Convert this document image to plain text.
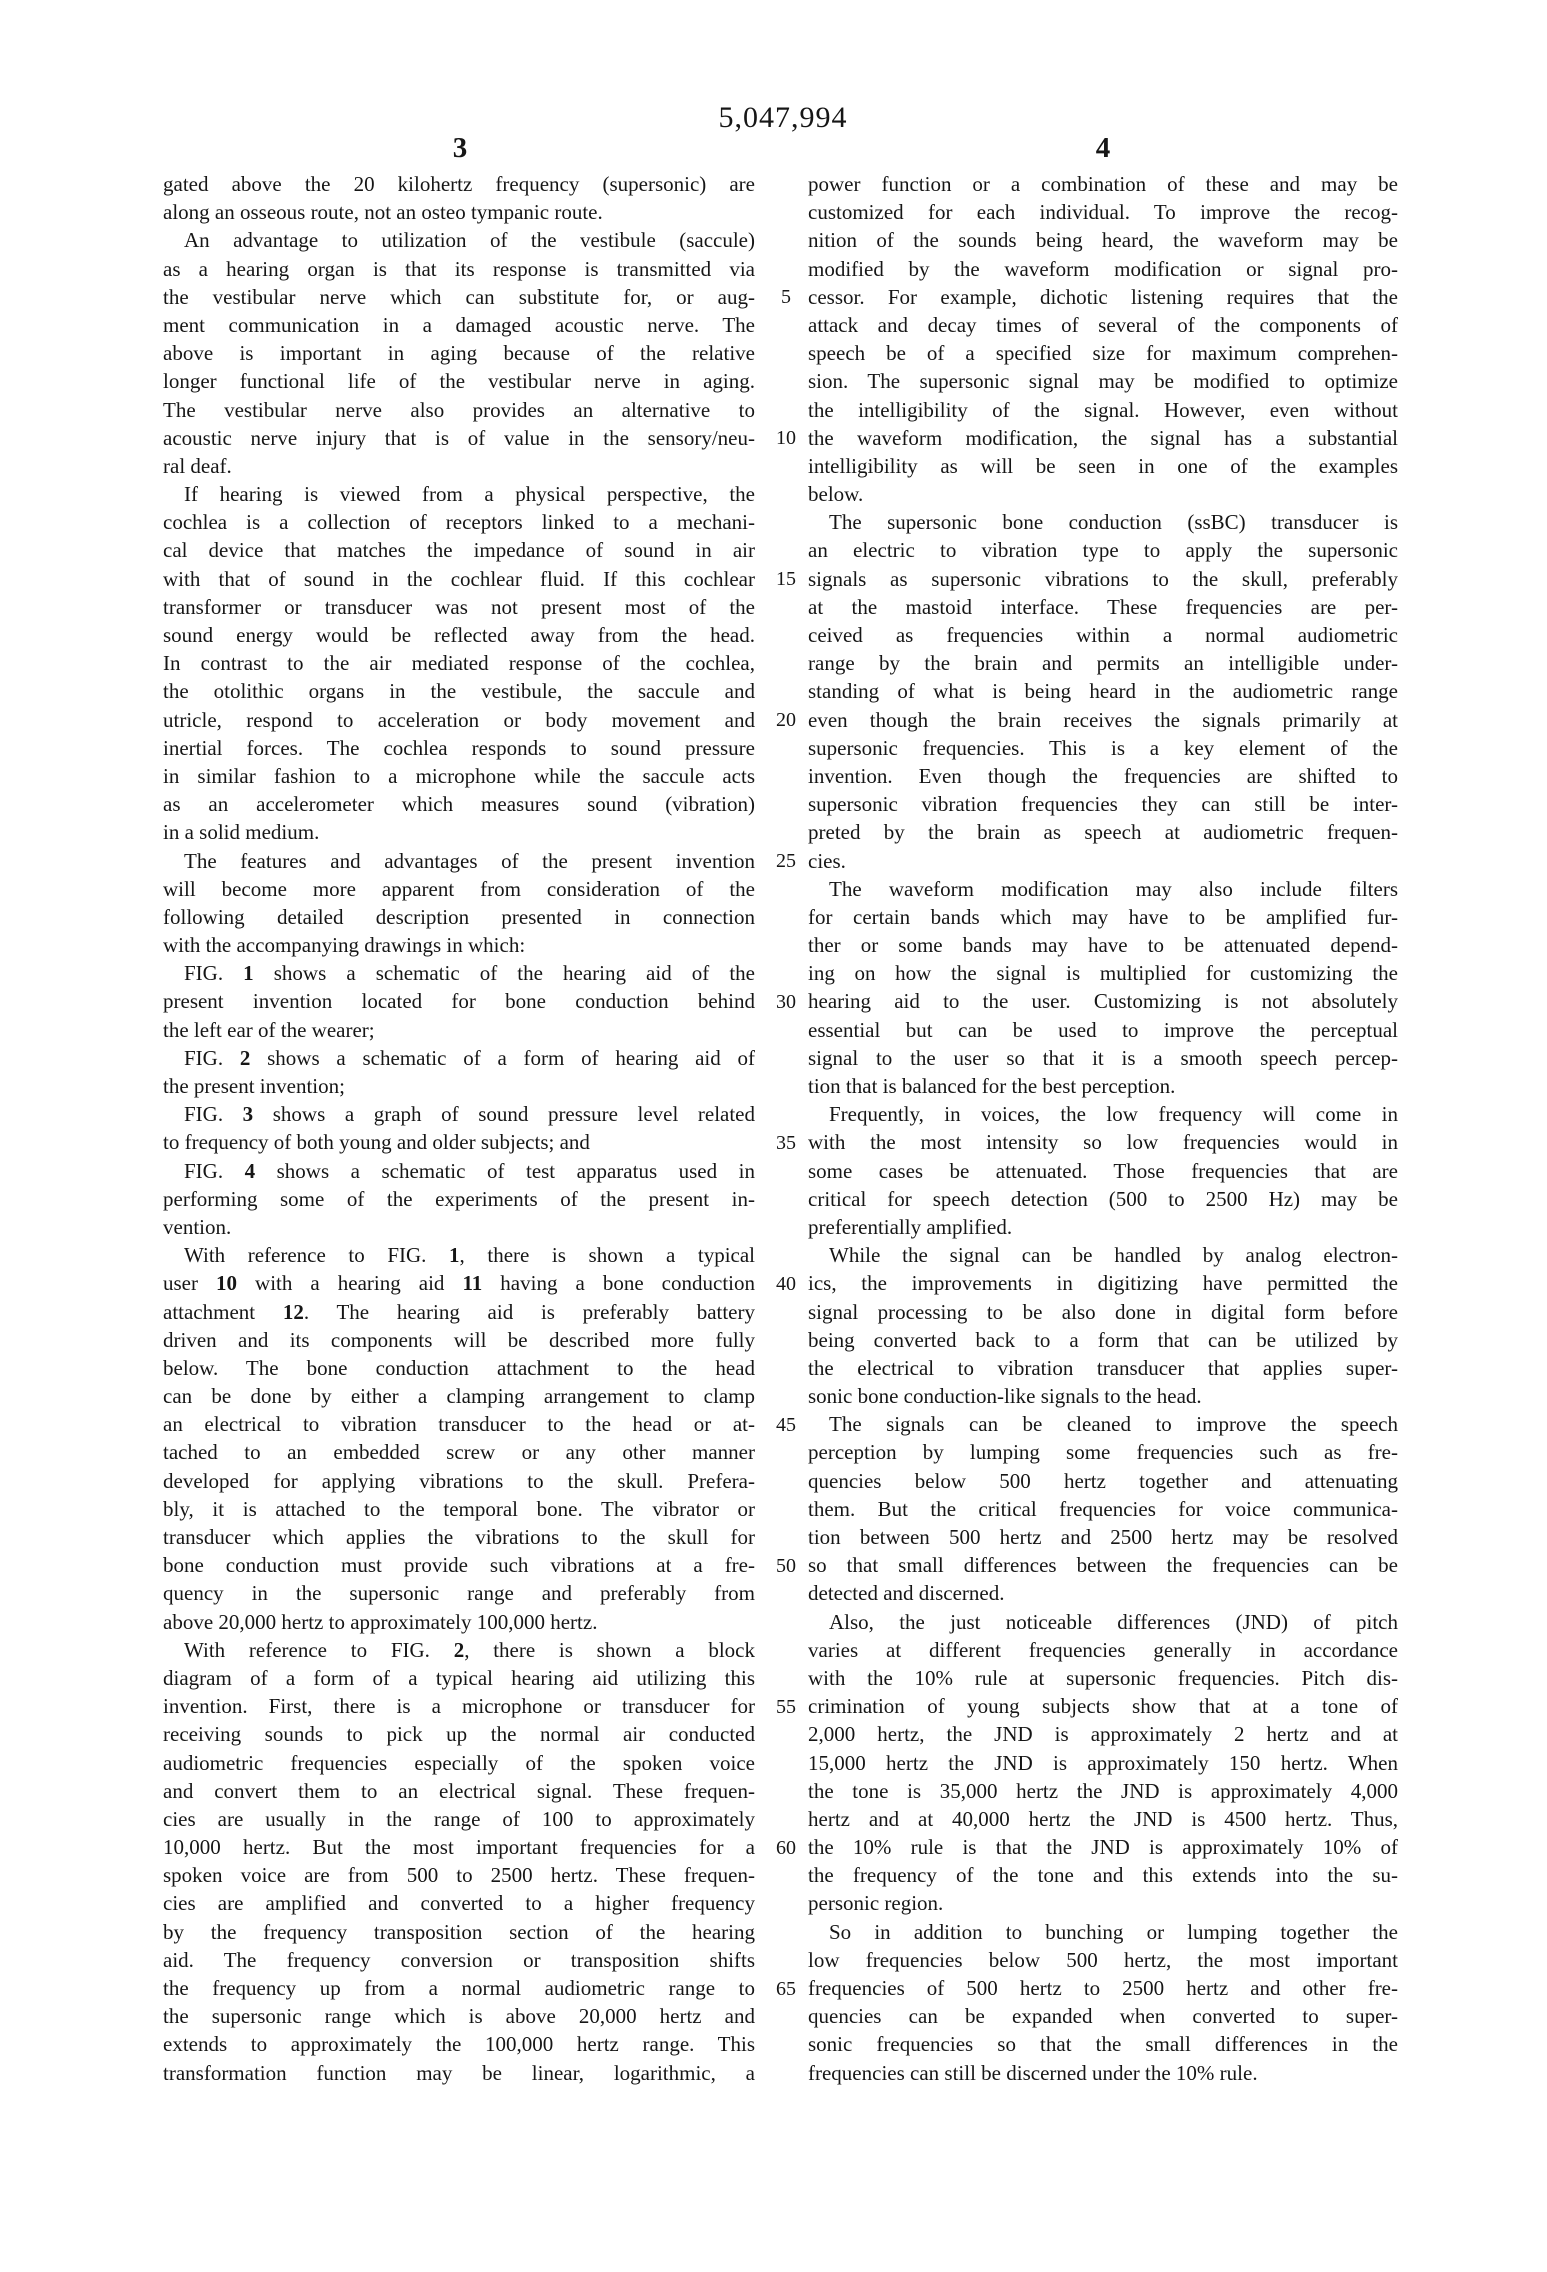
5,047,994
3	4
gated above the 20 kilohertz frequency (supersonic) are
along an osseous route, not an osteo tympanic route.
 An advantage to utilization of the vestibule (saccule)
as a hearing organ is that its response is transmitted via
the vestibular nerve which can substitute for, or aug-
ment communication in a damaged acoustic nerve. The
above is important in aging because of the relative
longer functional life of the vestibular nerve in aging.
The vestibular nerve also provides an alternative to
acoustic nerve injury that is of value in the sensory/neu-
ral deaf.
 If hearing is viewed from a physical perspective, the
cochlea is a collection of receptors linked to a mechani-
cal device that matches the impedance of sound in air
with that of sound in the cochlear fluid. If this cochlear
transformer or transducer was not present most of the
sound energy would be reflected away from the head.
In contrast to the air mediated response of the cochlea,
the otolithic organs in the vestibule, the saccule and
utricle, respond to acceleration or body movement and
inertial forces. The cochlea responds to sound pressure
in similar fashion to a microphone while the saccule acts
as an accelerometer which measures sound (vibration)
in a solid medium.
 The features and advantages of the present invention
will become more apparent from consideration of the
following detailed description presented in connection
with the accompanying drawings in which:
 FIG. 1 shows a schematic of the hearing aid of the
present invention located for bone conduction behind
the left ear of the wearer;
 FIG. 2 shows a schematic of a form of hearing aid of
the present invention;
 FIG. 3 shows a graph of sound pressure level related
to frequency of both young and older subjects; and
 FIG. 4 shows a schematic of test apparatus used in
performing some of the experiments of the present in-
vention.
 With reference to FIG. 1, there is shown a typical
user 10 with a hearing aid 11 having a bone conduction
attachment 12. The hearing aid is preferably battery
driven and its components will be described more fully
below. The bone conduction attachment to the head
can be done by either a clamping arrangement to clamp
an electrical to vibration transducer to the head or at-
tached to an embedded screw or any other manner
developed for applying vibrations to the skull. Prefera-
bly, it is attached to the temporal bone. The vibrator or
transducer which applies the vibrations to the skull for
bone conduction must provide such vibrations at a fre-
quency in the supersonic range and preferably from
above 20,000 hertz to approximately 100,000 hertz.
 With reference to FIG. 2, there is shown a block
diagram of a form of a typical hearing aid utilizing this
invention. First, there is a microphone or transducer for
receiving sounds to pick up the normal air conducted
audiometric frequencies especially of the spoken voice
and convert them to an electrical signal. These frequen-
cies are usually in the range of 100 to approximately
10,000 hertz. But the most important frequencies for a
spoken voice are from 500 to 2500 hertz. These frequen-
cies are amplified and converted to a higher frequency
by the frequency transposition section of the hearing
aid. The frequency conversion or transposition shifts
the frequency up from a normal audiometric range to
the supersonic range which is above 20,000 hertz and
extends to approximately the 100,000 hertz range. This
transformation function may be linear, logarithmic, a
5
10
15
20
25
30
35
40
45
50
55
60
65
power function or a combination of these and may be
customized for each individual. To improve the recog-
nition of the sounds being heard, the waveform may be
modified by the waveform modification or signal pro-
cessor. For example, dichotic listening requires that the
attack and decay times of several of the components of
speech be of a specified size for maximum comprehen-
sion. The supersonic signal may be modified to optimize
the intelligibility of the signal. However, even without
the waveform modification, the signal has a substantial
intelligibility as will be seen in one of the examples
below.
 The supersonic bone conduction (ssBC) transducer is
an electric to vibration type to apply the supersonic
signals as supersonic vibrations to the skull, preferably
at the mastoid interface. These frequencies are per-
ceived as frequencies within a normal audiometric
range by the brain and permits an intelligible under-
standing of what is being heard in the audiometric range
even though the brain receives the signals primarily at
supersonic frequencies. This is a key element of the
invention. Even though the frequencies are shifted to
supersonic vibration frequencies they can still be inter-
preted by the brain as speech at audiometric frequen-
cies.
 The waveform modification may also include filters
for certain bands which may have to be amplified fur-
ther or some bands may have to be attenuated depend-
ing on how the signal is multiplied for customizing the
hearing aid to the user. Customizing is not absolutely
essential but can be used to improve the perceptual
signal to the user so that it is a smooth speech percep-
tion that is balanced for the best perception.
 Frequently, in voices, the low frequency will come in
with the most intensity so low frequencies would in
some cases be attenuated. Those frequencies that are
critical for speech detection (500 to 2500 Hz) may be
preferentially amplified.
 While the signal can be handled by analog electron-
ics, the improvements in digitizing have permitted the
signal processing to be also done in digital form before
being converted back to a form that can be utilized by
the electrical to vibration transducer that applies super-
sonic bone conduction-like signals to the head.
 The signals can be cleaned to improve the speech
perception by lumping some frequencies such as fre-
quencies below 500 hertz together and attenuating
them. But the critical frequencies for voice communica-
tion between 500 hertz and 2500 hertz may be resolved
so that small differences between the frequencies can be
detected and discerned.
 Also, the just noticeable differences (JND) of pitch
varies at different frequencies generally in accordance
with the 10% rule at supersonic frequencies. Pitch dis-
crimination of young subjects show that at a tone of
2,000 hertz, the JND is approximately 2 hertz and at
15,000 hertz the JND is approximately 150 hertz. When
the tone is 35,000 hertz the JND is approximately 4,000
hertz and at 40,000 hertz the JND is 4500 hertz. Thus,
the 10% rule is that the JND is approximately 10% of
the frequency of the tone and this extends into the su-
personic region.
 So in addition to bunching or lumping together the
low frequencies below 500 hertz, the most important
frequencies of 500 hertz to 2500 hertz and other fre-
quencies can be expanded when converted to super-
sonic frequencies so that the small differences in the
frequencies can still be discerned under the 10% rule.
